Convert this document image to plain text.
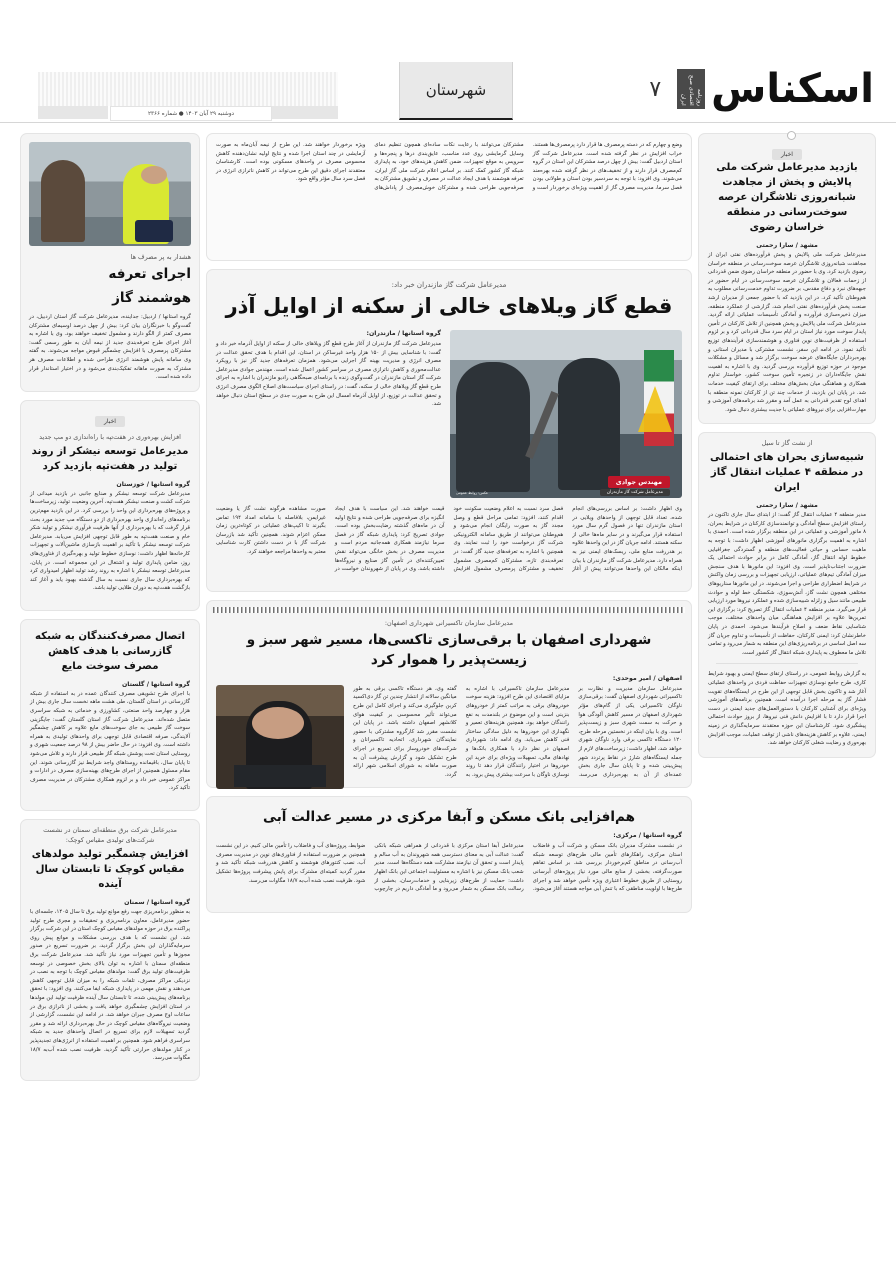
اسکناس
روزنامه اقتصادی صبح ایران
۷
شهرستان
دوشنبه ۲۹ آبان ۱۴۰۳ ● شماره ۲۳۶۶
اخبار
بازدید مدیرعامل شرکت ملی پالایش و پخش از مجاهدت شبانه‌روزی تلاشگران عرصه سوخت‌رسانی در منطقه خراسان رضوی
مشهد / سارا رحمتی
مدیرعامل شرکت ملی پالایش و پخش فرآورده‌های نفتی ایران از مجاهدت شبانه‌روزی تلاشگران عرصه سوخت‌رسانی در منطقه خراسان رضوی بازدید کرد. وی با حضور در منطقه خراسان رضوی ضمن قدردانی از زحمات فعالان و تلاشگران عرصه سوخت‌رسانی در ایام حضور در جبهه‌های نبرد و دفاع مقدس، بر ضرورت تداوم خدمت‌رسانی مطلوب به هم‌وطنان تأکید کرد. در این بازدید که با حضور جمعی از مدیران ارشد صنعت پخش فرآورده‌های نفتی انجام شد، گزارشی از عملکرد منطقه، میزان ذخیره‌سازی فرآورده و آمادگی تأسیسات عملیاتی ارائه گردید. مدیرعامل شرکت ملی پالایش و پخش همچنین از تلاش کارکنان در تأمین پایدار سوخت مورد نیاز استان در ایام سرد سال قدردانی کرد و بر لزوم استفاده از ظرفیت‌های نوین فناوری و هوشمندسازی فرآیندهای توزیع تأکید نمود. در ادامه این سفر، نشست مشترکی با مدیران استانی و بهره‌برداران جایگاه‌های عرضه سوخت برگزار شد و مسائل و مشکلات موجود در حوزه توزیع فرآورده بررسی گردید. وی با اشاره به اهمیت نقش جایگاه‌داران در زنجیره تأمین سوخت کشور، خواستار تداوم همکاری و هماهنگی میان بخش‌های مختلف برای ارتقای کیفیت خدمات شد. در پایان این بازدید، از خدمات چند تن از کارکنان نمونه منطقه با اهدای لوح تقدیر قدردانی به عمل آمد و مقرر شد برنامه‌های آموزشی و مهارت‌افزایی برای نیروهای عملیاتی با جدیت بیشتری دنبال شود.
از نشت گاز تا سیل
شبیه‌سازی بحران های احتمالی در منطقه ۴ عملیات انتقال گاز ایران
مشهد / سارا رحمتی
مدیر منطقه ۴ عملیات انتقال گاز گفت: از ابتدای سال جاری تاکنون در راستای افزایش سطح آمادگی و توانمندسازی کارکنان در شرایط بحران، ۸ مانور آموزشی و عملیاتی در این منطقه برگزار شده است. احمدی با اشاره به اهمیت برگزاری مانورهای آموزشی اظهار داشت: با توجه به ماهیت حساس و حیاتی فعالیت‌های منطقه و گستردگی جغرافیایی خطوط لوله انتقال گاز، آمادگی کامل در برابر حوادث احتمالی یک ضرورت اجتناب‌ناپذیر است. وی افزود: این مانورها با هدف سنجش میزان آمادگی تیم‌های عملیاتی، ارزیابی تجهیزات و بررسی زمان واکنش در شرایط اضطراری طراحی و اجرا می‌شوند. در این مانورها سناریوهای مختلفی همچون نشت گاز، آتش‌سوزی، شکستگی خط لوله و حوادث طبیعی مانند سیل و زلزله شبیه‌سازی شده و عملکرد نیروها مورد ارزیابی قرار می‌گیرد. مدیر منطقه ۴ عملیات انتقال گاز تصریح کرد: برگزاری این تمرین‌ها علاوه بر افزایش هماهنگی میان واحدهای مختلف، موجب شناسایی نقاط ضعف و اصلاح فرآیندها می‌شود. احمدی در پایان خاطرنشان کرد: ایمنی کارکنان، حفاظت از تأسیسات و تداوم جریان گاز سه اصل اساسی در برنامه‌ریزی‌های این منطقه به شمار می‌رود و تمامی تلاش ما معطوف به پایداری شبکه انتقال گاز کشور است.
به گزارش روابط عمومی، در راستای ارتقای سطح ایمنی و بهبود شرایط کاری، طرح جامع نوسازی تجهیزات حفاظت فردی در واحدهای عملیاتی آغاز شد و تاکنون بخش قابل توجهی از این طرح در ایستگاه‌های تقویت فشار گاز به مرحله اجرا درآمده است. همچنین برنامه‌های آموزشی ویژه‌ای برای آشنایی کارکنان با دستورالعمل‌های جدید ایمنی در دست اجرا قرار دارد تا با افزایش دانش فنی نیروها، از بروز حوادث احتمالی پیشگیری شود. کارشناسان این حوزه معتقدند سرمایه‌گذاری در زمینه ایمنی، علاوه بر کاهش هزینه‌های ناشی از توقف عملیات، موجب افزایش بهره‌وری و رضایت شغلی کارکنان خواهد شد.
وضع و چهارم که در دسته پرمصرف ها قرار دارد پرمصرف‌ها هستند. خراب افزایش در نظر گرفته شده است. مدیرعامل شرکت گاز استان اردبیل گفت: بیش از چهل درصد مشترکان این استان در گروه کم‌مصرف قرار دارند و از تخفیف‌های در نظر گرفته شده بهره‌مند می‌شوند. وی افزود: با توجه به سردسیر بودن استان و طولانی بودن فصل سرما، مدیریت مصرف گاز از اهمیت ویژه‌ای برخوردار است و مشترکان می‌توانند با رعایت نکات ساده‌ای همچون تنظیم دمای وسایل گرمایشی روی عدد مناسب، عایق‌بندی درها و پنجره‌ها و سرویس به موقع تجهیزات، ضمن کاهش هزینه‌های خود، به پایداری شبکه گاز کشور کمک کنند. بر اساس اعلام شرکت ملی گاز ایران، تعرفه هوشمند با هدف ایجاد عدالت در مصرف و تشویق مشترکان به صرفه‌جویی طراحی شده و مشترکان خوش‌مصرف از پاداش‌های ویژه برخوردار خواهند شد. این طرح از نیمه آبان‌ماه به صورت آزمایشی در چند استان اجرا شده و نتایج اولیه نشان‌دهنده کاهش محسوس مصرف در واحدهای مسکونی بوده است. کارشناسان معتقدند اجرای دقیق این طرح می‌تواند در کاهش ناترازی انرژی در فصل سرد سال مؤثر واقع شود.
مدیرعامل شرکت گاز مازندران خبر داد:
قطع گاز ویلاهای خالی از سکنه از اوایل آذر
مهندس جوادی
مدیرعامل شرکت گاز مازندران
عکس: روابط عمومی
گروه استانها / مازندران:
مدیرعامل شرکت گاز مازندران از آغاز طرح قطع گاز ویلاهای خالی از سکنه از اوایل آذرماه خبر داد و گفت: با شناسایی بیش از ۱۵۰ هزار واحد غیرساکن در استان، این اقدام با هدف تحقق عدالت در مصرف انرژی و مدیریت بهینه گاز اجرایی می‌شود. همزمان تعرفه‌های جدید گاز نیز با رویکرد عدالت‌محوری و کاهش ناترازی مصرف در سراسر کشور اعمال شده است. مهندس جوادی مدیرعامل شرکت گاز استان مازندران در گفت‌وگوی زنده با برنامه‌ای صبحگاهی رادیو مازندران با اشاره به اجرای طرح قطع گاز ویلاهای خالی از سکنه، گفت: در راستای اجرای سیاست‌های اصلاح الگوی مصرف انرژی و تحقق عدالت در توزیع، از اوایل آذرماه امسال این طرح به صورت جدی در سطح استان دنبال خواهد شد.
وی اظهار داشت: بر اساس بررسی‌های انجام شده، تعداد قابل توجهی از واحدهای ویلایی در استان مازندران تنها در فصول گرم سال مورد استفاده قرار می‌گیرند و در سایر ماه‌ها خالی از سکنه هستند. ادامه جریان گاز در این واحدها علاوه بر هدررفت منابع ملی، ریسک‌های ایمنی نیز به همراه دارد. مدیرعامل شرکت گاز مازندران با بیان اینکه مالکان این واحدها می‌توانند پیش از آغاز فصل سرد نسبت به اعلام وضعیت سکونت خود اقدام کنند، افزود: تمامی مراحل قطع و وصل مجدد گاز به صورت رایگان انجام می‌شود و هم‌وطنان می‌توانند از طریق سامانه الکترونیکی شرکت گاز درخواست خود را ثبت نمایند. وی همچنین با اشاره به تعرفه‌های جدید گاز گفت: در تعرفه‌بندی تازه، مشترکان کم‌مصرف مشمول تخفیف و مشترکان پرمصرف مشمول افزایش قیمت خواهند شد. این سیاست با هدف ایجاد انگیزه برای صرفه‌جویی طراحی شده و نتایج اولیه آن در ماه‌های گذشته رضایت‌بخش بوده است. جوادی تصریح کرد: پایداری شبکه گاز در فصل سرما نیازمند همکاری همه‌جانبه مردم است و مدیریت مصرف در بخش خانگی می‌تواند نقش تعیین‌کننده‌ای در تأمین گاز صنایع و نیروگاه‌ها داشته باشد. وی در پایان از شهروندان خواست در صورت مشاهده هرگونه نشت گاز یا وضعیت غیرایمن، بلافاصله با سامانه امداد ۱۹۴ تماس بگیرند تا اکیپ‌های عملیاتی در کوتاه‌ترین زمان ممکن اعزام شوند. همچنین تأکید شد بازرسان شرکت گاز با در دست داشتن کارت شناسایی معتبر به واحدها مراجعه خواهند کرد.
مدیرعامل سازمان تاکسیرانی شهرداری اصفهان:
شهرداری اصفهان با برقی‌سازی تاکسی‌ها، مسیر شهر سبز و زیست‌پذیر را هموار کرد
اصفهان / امیر موحدی:
مدیرعامل سازمان مدیریت و نظارت بر تاکسیرانی شهرداری اصفهان گفت: برقی‌سازی ناوگان تاکسیرانی یکی از گام‌های مؤثر شهرداری اصفهان در مسیر کاهش آلودگی هوا و حرکت به سمت شهری سبز و زیست‌پذیر است. وی با بیان اینکه در نخستین مرحله طرح، ۱۲۰ دستگاه تاکسی برقی وارد ناوگان شهری خواهد شد، اظهار داشت: زیرساخت‌های لازم از جمله ایستگاه‌های شارژ در نقاط پرتردد شهر پیش‌بینی شده و تا پایان سال جاری بخش عمده‌ای از آن به بهره‌برداری می‌رسد. مدیرعامل سازمان تاکسیرانی با اشاره به مزایای اقتصادی این طرح افزود: هزینه سوخت خودروهای برقی به مراتب کمتر از خودروهای بنزینی است و این موضوع در بلندمدت به نفع رانندگان خواهد بود. همچنین هزینه‌های تعمیر و نگهداری این خودروها به دلیل سادگی ساختار فنی کاهش می‌یابد. وی ادامه داد: شهرداری اصفهان در نظر دارد با همکاری بانک‌ها و نهادهای مالی، تسهیلات ویژه‌ای برای خرید این خودروها در اختیار رانندگان قرار دهد تا روند نوسازی ناوگان با سرعت بیشتری پیش برود. به گفته وی، هر دستگاه تاکسی برقی به طور میانگین سالانه از انتشار چندین تن گاز دی‌اکسید کربن جلوگیری می‌کند و اجرای کامل این طرح می‌تواند تأثیر محسوسی بر کیفیت هوای کلانشهر اصفهان داشته باشد. در پایان این نشست مقرر شد کارگروه مشترکی با حضور نمایندگان شهرداری، اتحادیه تاکسیرانان و شرکت‌های خودروساز برای تسریع در اجرای طرح تشکیل شود و گزارش پیشرفت آن به صورت ماهانه به شورای اسلامی شهر ارائه گردد.
هم‌افزایی بانک مسکن و آبفا مرکزی در مسیر عدالت آبی
گروه استانها / مرکزی:
در نشست مشترک مدیران بانک مسکن و شرکت آب و فاضلاب استان مرکزی، راهکارهای تأمین مالی طرح‌های توسعه شبکه آب‌رسانی در مناطق کم‌برخوردار بررسی شد. بر اساس تفاهم صورت‌گرفته، بخشی از منابع مالی مورد نیاز پروژه‌های آبرسانی روستایی از طریق خطوط اعتباری ویژه تأمین خواهد شد و اجرای طرح‌ها با اولویت مناطقی که با تنش آبی مواجه هستند آغاز می‌شود. مدیرعامل آبفا استان مرکزی با قدردانی از همراهی شبکه بانکی گفت: عدالت آبی به معنای دسترسی همه شهروندان به آب سالم و پایدار است و تحقق آن نیازمند مشارکت همه دستگاه‌ها است. مدیر شعب بانک مسکن نیز با اشاره به مسئولیت اجتماعی این بانک اظهار داشت: حمایت از طرح‌های زیربنایی و خدمات‌رسان، بخشی از رسالت بانک مسکن به شمار می‌رود و ما آمادگی داریم در چارچوب ضوابط، پروژه‌های آب و فاضلاب را تأمین مالی کنیم. در این نشست همچنین بر ضرورت استفاده از فناوری‌های نوین در مدیریت مصرف آب، نصب کنتورهای هوشمند و کاهش هدررفت شبکه تأکید شد و مقرر گردید کمیته‌ای مشترک برای پایش پیشرفت پروژه‌ها تشکیل شود. ظرفیت نصب شده آب‌به ۱۸/۷ مگاوات می‌رسد.
هشدار به پر مصرف ها
اجرای تعرفه
هوشمند گاز
گروه استانها / اردبیل: جداینده، مدیرعامل شرکت گاز استان اردبیل، در گفت‌وگو با خبرنگاران بیان کرد: بیش از چهل درصد اوسیمای مشترکان مصرف کمتر از الگو دارند و مشمول تخفیف خواهند بود. وی با اشاره به آغاز اجرای طرح تعرفه‌بندی جدید از نیمه آبان به طور رسمی گفت: مشترکان پرمصرف با افزایش چشمگیر قبوض مواجه می‌شوند. به گفته وی سامانه پایش هوشمند انرژی طراحی شده و اطلاعات مصرف هر مشترک به صورت ماهانه تفکیک‌بندی می‌شود و در اختیار استاندار قرار داده شده است.
اخبار
افزایش بهره‌وری در هفت‌تپه با راه‌اندازی دو مپ جدید
مدیرعامل توسعه نیشکر از روند تولید در هفت‌تپه بازدید کرد
گروه استانها / خوزستان
مدیرعامل شرکت توسعه نیشکر و صنایع جانبی در بازدید میدانی از شرکت کشت و صنعت نیشکر هفت‌تپه، آخرین وضعیت تولید، زیرساخت‌ها و پروژه‌های بهره‌برداری این واحد را بررسی کرد. در این بازدید مهم‌ترین برنامه‌های راه‌اندازی واحد بهره‌برداری از دو دستگاه مپ جدید مورد بحث قرار گرفت که با بهره‌برداری از آنها ظرفیت فرآوری نیشکر و تولید شکر خام و صنعت هفت‌تپه به طور قابل توجهی افزایش می‌یابد. مدیرعامل شرکت توسعه نیشکر با تأکید بر اهمیت بازسازی ماشین‌آلات و تجهیزات کارخانه‌ها اظهار داشت: نوسازی خطوط تولید و بهره‌گیری از فناوری‌های روز، ضامن پایداری تولید و اشتغال در این مجموعه است. در پایان، مدیرعامل توسعه نیشکر با اشاره به روند رشد تولید اظهار امیدواری کرد که بهره‌برداری سال جاری نسبت به سال گذشته بهبود یابد و آغاز کند بازگشت هفت‌تپه به دوران طلایی تولید باشد.
اتصال مصرف‌کنندگان به شبکه گازرسانی با هدف کاهش مصرف سوخت مایع
گروه استانها / گلستان
با اجرای طرح تشویقی مصرف کنندگان عمده در به استفاده از شبکه گازرسانی در استان گلستان، طی هشت ماهه نخست سال جاری بیش از هزار و چهارصد واحد صنعتی، کشاورزی و خدماتی به شبکه سراسری متصل شده‌اند. مدیرعامل شرکت گاز استان گلستان گفت: جایگزینی سوخت گاز طبیعی به جای سوخت‌های مایع علاوه بر کاهش چشمگیر آلایندگی، صرفه اقتصادی قابل توجهی برای واحدهای تولیدی به همراه داشته است. وی افزود: در حال حاضر بیش از ۹۸ درصد جمعیت شهری و روستایی استان تحت پوشش شبکه گاز طبیعی قرار دارند و تلاش می‌شود تا پایان سال، باقیمانده روستاهای واجد شرایط نیز گازرسانی شوند. این مقام مسئول همچنین از اجرای طرح‌های بهینه‌سازی مصرف در ادارات و مراکز عمومی خبر داد و بر لزوم همکاری مشترکان در مدیریت مصرف تأکید کرد.
مدیرعامل شرکت برق منطقه‌ای سمنان در نشست شرکت‌های تولیدی مقیاس کوچک:
افزایش چشمگیر تولید مولدهای مقیاس کوچک تا تابستان سال آینده
گروه استانها / سمنان
به منظور برنامه‌ریزی جهت رفع موانع تولید برق تا سال ۱۴۰۵، جلسه‌ای با حضور مدیرعامل، معاون برنامه‌ریزی و تحقیقات و مجری طرح تولید پراکنده برق در حوزه مولدهای مقیاس کوچک استان در این شرکت برگزار شد. این نشست که با هدف بررسی مشکلات و موانع پیش روی سرمایه‌گذاران این بخش برگزار گردید، بر ضرورت تسریع در صدور مجوزها و تأمین تجهیزات مورد نیاز تأکید شد. مدیرعامل شرکت برق منطقه‌ای سمنان با اشاره به توان بالای بخش خصوصی در توسعه ظرفیت‌های تولید برق گفت: مولدهای مقیاس کوچک با توجه به نصب در نزدیکی مراکز مصرف، تلفات شبکه را به میزان قابل توجهی کاهش می‌دهند و نقش مهمی در پایداری شبکه ایفا می‌کنند. وی افزود: با تحقق برنامه‌های پیش‌بینی شده، تا تابستان سال آینده ظرفیت تولید این مولدها در استان افزایش چشمگیری خواهد یافت و بخشی از ناترازی برق در ساعات اوج مصرف جبران خواهد شد. در ادامه این نشست، گزارشی از وضعیت نیروگاه‌های مقیاس کوچک در حال بهره‌برداری ارائه شد و مقرر گردید تسهیلات لازم برای تسریع در اتصال واحدهای جدید به شبکه سراسری فراهم شود. همچنین بر اهمیت استفاده از انرژی‌های تجدیدپذیر در کنار مولدهای حرارتی تأکید گردید. ظرفیت نصب شده آب‌به ۱۸/۷ مگاوات می‌رسد.
